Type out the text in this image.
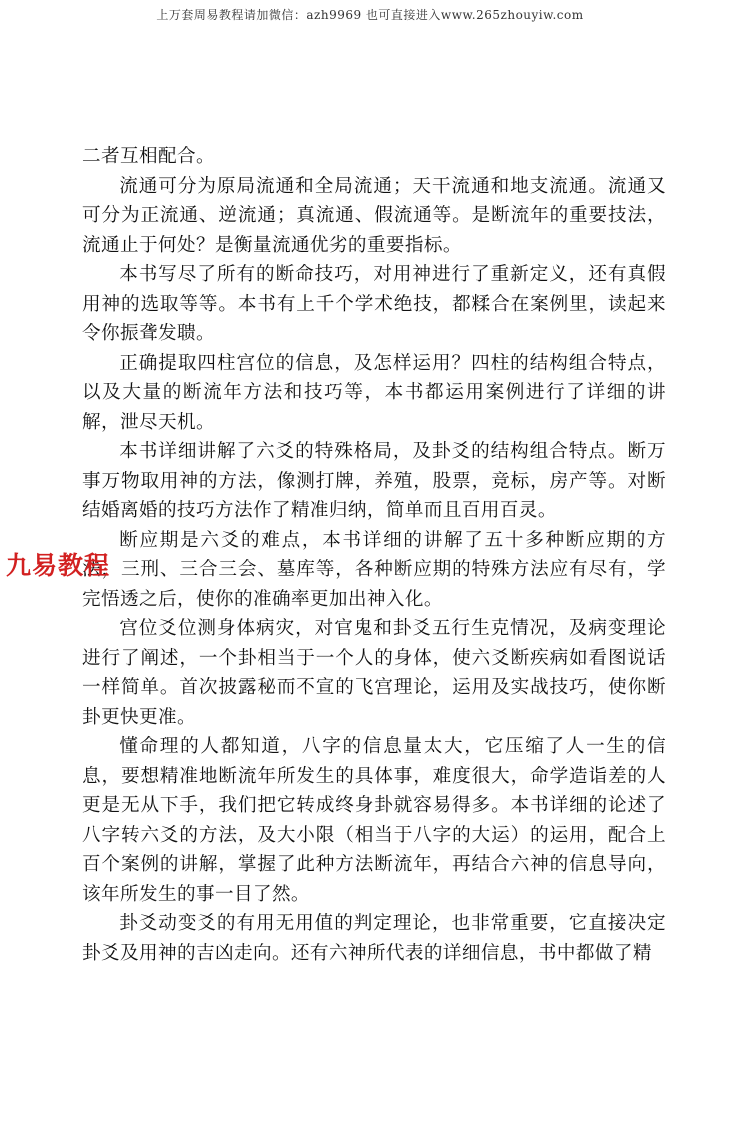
上万套周易教程请加微信：azh9969 也可直接进入www.265zhouyiw.com
九易教程

二者互相配合。

流通可分为原局流通和全局流通；天干流通和地支流通。流通又可分为正流通、逆流通；真流通、假流通等。是断流年的重要技法，流通止于何处？是衡量流通优劣的重要指标。

本书写尽了所有的断命技巧，对用神进行了重新定义，还有真假用神的选取等等。本书有上千个学术绝技，都糅合在案例里，读起来令你振聋发聩。

正确提取四柱宫位的信息，及怎样运用？四柱的结构组合特点，以及大量的断流年方法和技巧等，本书都运用案例进行了详细的讲解，泄尽天机。

本书详细讲解了六爻的特殊格局，及卦爻的结构组合特点。断万事万物取用神的方法，像测打牌，养殖，股票，竞标，房产等。对断结婚离婚的技巧方法作了精准归纳，简单而且百用百灵。

断应期是六爻的难点，本书详细的讲解了五十多种断应期的方法，三刑、三合三会、墓库等，各种断应期的特殊方法应有尽有，学完悟透之后，使你的准确率更加出神入化。

宫位爻位测身体病灾，对官鬼和卦爻五行生克情况，及病变理论进行了阐述，一个卦相当于一个人的身体，使六爻断疾病如看图说话一样简单。首次披露秘而不宣的飞宫理论，运用及实战技巧，使你断卦更快更准。

懂命理的人都知道，八字的信息量太大，它压缩了人一生的信息，要想精准地断流年所发生的具体事，难度很大，命学造诣差的人更是无从下手，我们把它转成终身卦就容易得多。本书详细的论述了八字转六爻的方法，及大小限（相当于八字的大运）的运用，配合上百个案例的讲解，掌握了此种方法断流年，再结合六神的信息导向，该年所发生的事一目了然。

卦爻动变爻的有用无用值的判定理论，也非常重要，它直接决定卦爻及用神的吉凶走向。还有六神所代表的详细信息，书中都做了精
